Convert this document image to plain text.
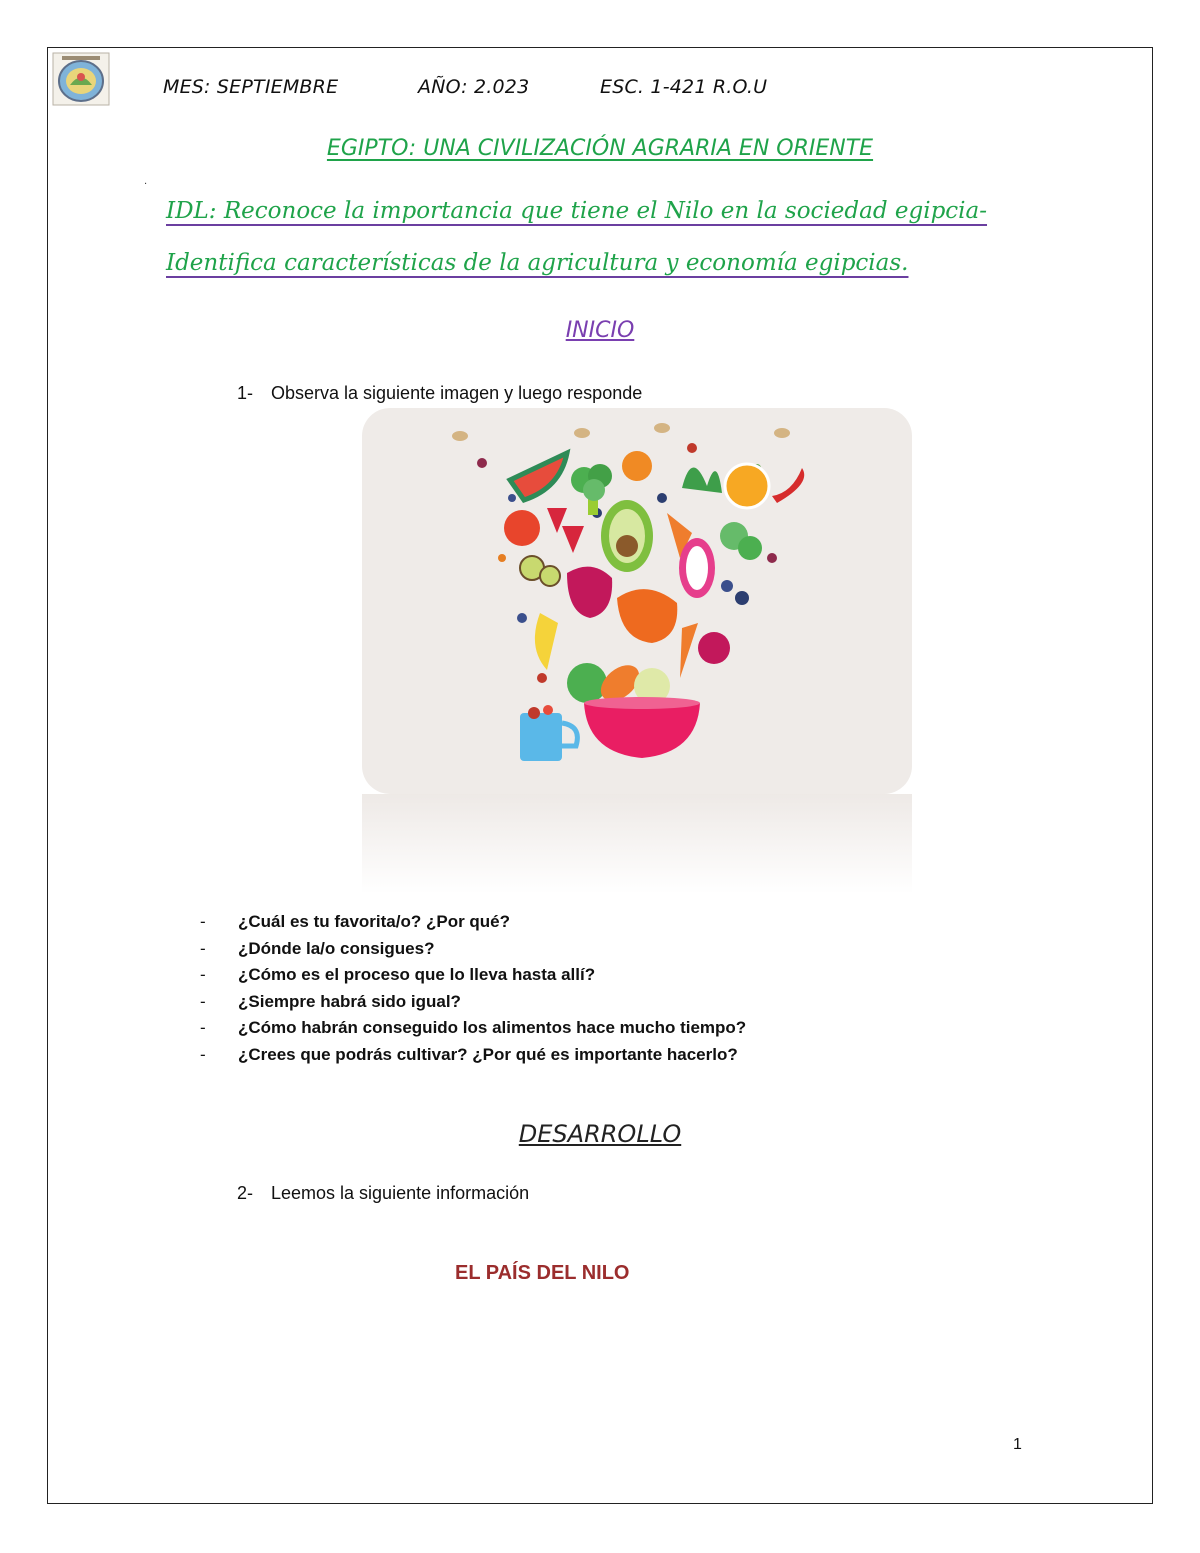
MES: SEPTIEMBRE	AÑO: 2.023	ESC. 1-421 R.O.U
EGIPTO: UNA CIVILIZACIÓN AGRARIA EN ORIENTE
.
IDL: Reconoce la importancia que tiene el Nilo en la sociedad egipcia-
Identifica características de la agricultura y economía egipcias.
INICIO
1- Observa la siguiente imagen y luego responde
- ¿Cuál es tu favorita/o? ¿Por qué?
- ¿Dónde la/o consigues?
- ¿Cómo es el proceso que lo lleva hasta allí?
- ¿Siempre habrá sido igual?
- ¿Cómo habrán conseguido los alimentos hace mucho tiempo?
- ¿Crees que podrás cultivar? ¿Por qué es importante hacerlo?
DESARROLLO
2- Leemos la siguiente información
EL PAÍS DEL NILO
1
